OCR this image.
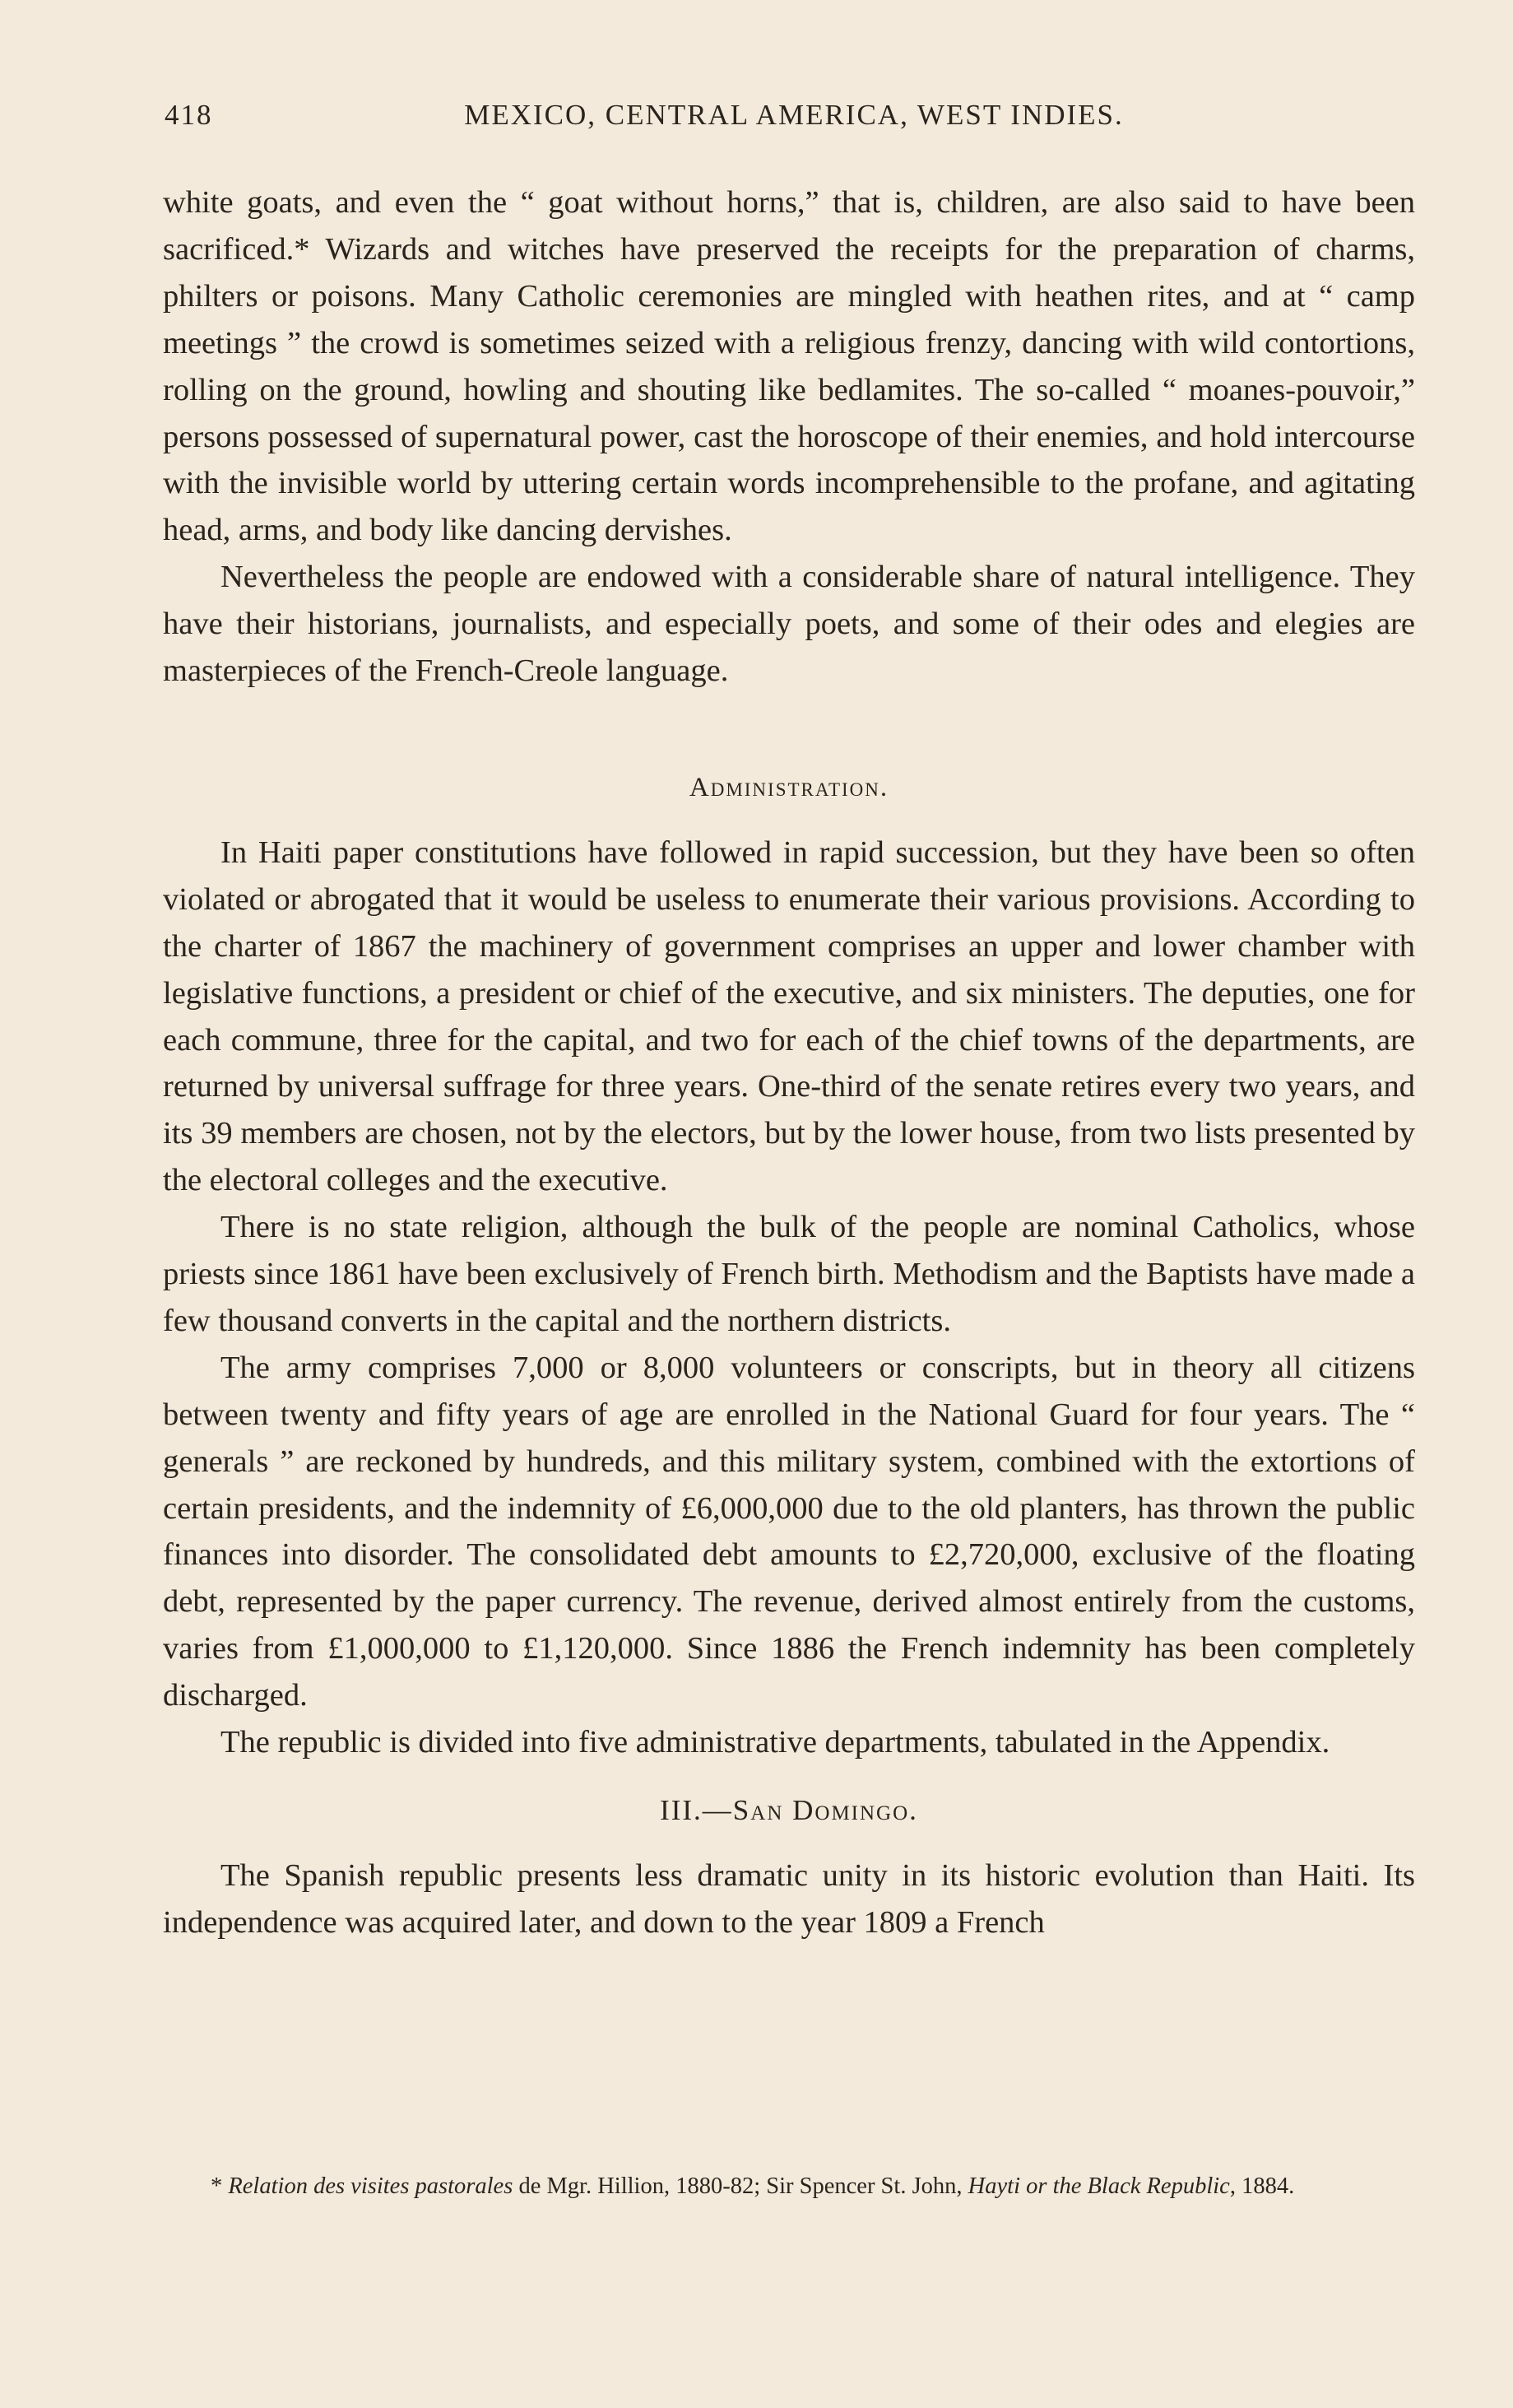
418	MEXICO, CENTRAL AMERICA, WEST INDIES.

white goats, and even the “ goat without horns,” that is, children, are also said to have been sacrificed.* Wizards and witches have preserved the receipts for the preparation of charms, philters or poisons. Many Catholic ceremonies are mingled with heathen rites, and at “ camp meetings ” the crowd is sometimes seized with a religious frenzy, dancing with wild contortions, rolling on the ground, howling and shouting like bedlamites. The so-called “ moanes-pouvoir,” persons possessed of supernatural power, cast the horoscope of their enemies, and hold intercourse with the invisible world by uttering certain words incomprehensible to the profane, and agitating head, arms, and body like dancing dervishes.

Nevertheless the people are endowed with a considerable share of natural intelligence. They have their historians, journalists, and especially poets, and some of their odes and elegies are masterpieces of the French-Creole language.

Administration.

In Haiti paper constitutions have followed in rapid succession, but they have been so often violated or abrogated that it would be useless to enumerate their various provisions. According to the charter of 1867 the machinery of government comprises an upper and lower chamber with legislative functions, a president or chief of the executive, and six ministers. The deputies, one for each commune, three for the capital, and two for each of the chief towns of the departments, are returned by universal suffrage for three years. One-third of the senate retires every two years, and its 39 members are chosen, not by the electors, but by the lower house, from two lists presented by the electoral colleges and the executive.

There is no state religion, although the bulk of the people are nominal Catholics, whose priests since 1861 have been exclusively of French birth. Methodism and the Baptists have made a few thousand converts in the capital and the northern districts.

The army comprises 7,000 or 8,000 volunteers or conscripts, but in theory all citizens between twenty and fifty years of age are enrolled in the National Guard for four years. The “ generals ” are reckoned by hundreds, and this military system, combined with the extortions of certain presidents, and the indemnity of £6,000,000 due to the old planters, has thrown the public finances into disorder. The consolidated debt amounts to £2,720,000, exclusive of the floating debt, represented by the paper currency. The revenue, derived almost entirely from the customs, varies from £1,000,000 to £1,120,000. Since 1886 the French indemnity has been completely discharged.

The republic is divided into five administrative departments, tabulated in the Appendix.

III.—San Domingo.

The Spanish republic presents less dramatic unity in its historic evolution than Haiti. Its independence was acquired later, and down to the year 1809 a French

* Relation des visites pastorales de Mgr. Hillion, 1880-82; Sir Spencer St. John, Hayti or the Black Republic, 1884.
